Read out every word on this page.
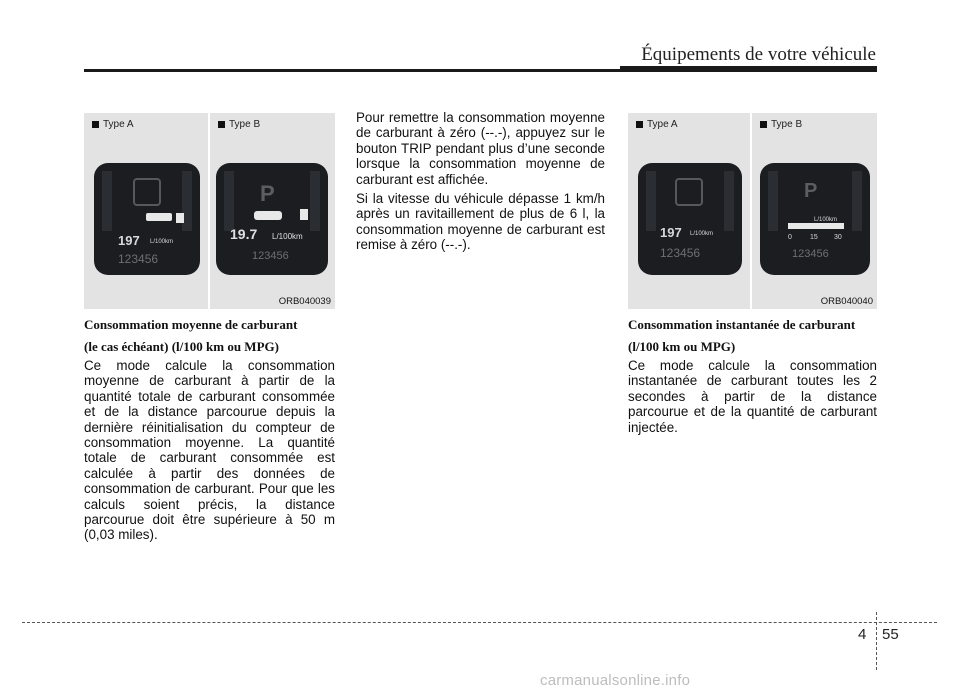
Équipements de votre véhicule
Type A
197 L/100km
123456
Type B
P
19.7 L/100km
123456
ORB040039
Type A
197 L/100km
123456
Type B
P
L/100km
0	15 30
123456
ORB040040

Consommation moyenne de carburant

(le cas échéant) (l/100 km ou MPG)

Ce mode calcule la consommation moyenne de carburant à partir de la quantité totale de carburant consommée et de la distance parcourue depuis la dernière réinitialisation du compteur de consommation moyenne. La quantité totale de carburant consommée est calculée à partir des données de consommation de carburant. Pour que les calculs soient précis, la distance parcourue doit être supérieure à 50 m (0,03 miles).

Pour remettre la consommation moyenne de carburant à zéro (--.-), appuyez sur le bouton TRIP pendant plus d’une seconde lorsque la consommation moyenne de carburant est affichée.

Si la vitesse du véhicule dépasse 1 km/h après un ravitaillement de plus de 6 l, la consommation moyenne de carburant est remise à zéro (--.-).

Consommation instantanée de carburant

(l/100 km ou MPG)

Ce mode calcule la consommation instantanée de carburant toutes les 2 secondes à partir de la distance parcourue et de la quantité de carburant injectée.

4 55
carmanualsonline.info
